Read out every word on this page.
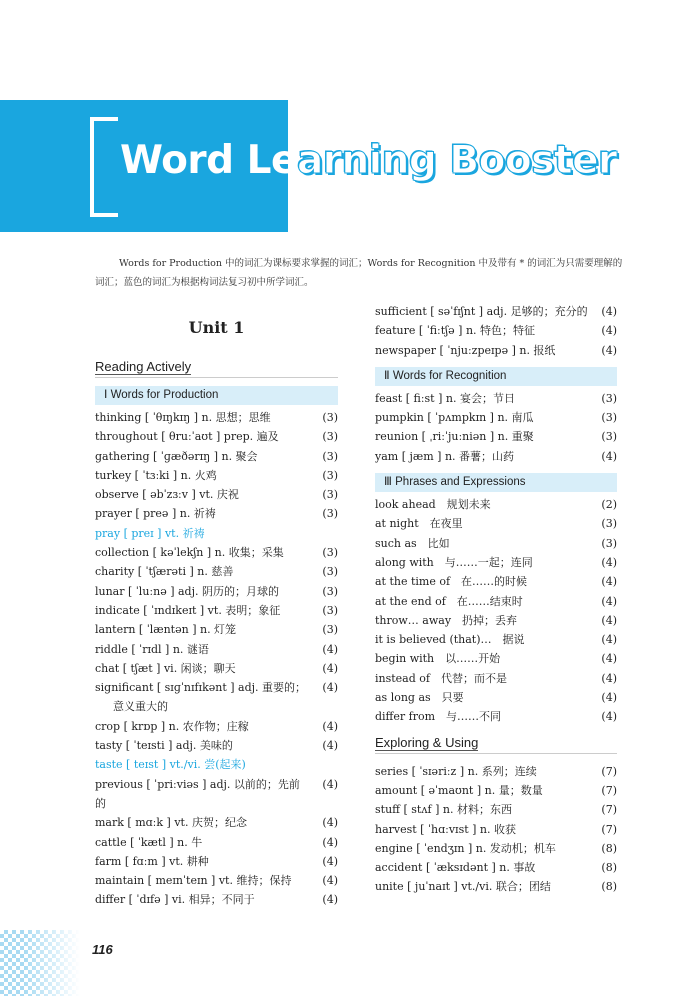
Word Learning Booster

Words for Production 中的词汇为课标要求掌握的词汇；Words for Recognition 中及带有 * 的词汇为只需要理解的词汇；蓝色的词汇为根据构词法复习初中所学词汇。

Unit 1
Reading Actively
Ⅰ Words for Production
thinking [ ˈθɪŋkɪŋ ] n. 思想；思维	(3)
throughout [ θruːˈaʊt ] prep. 遍及	(3)
gathering [ ˈɡæðərɪŋ ] n. 聚会	(3)
turkey [ ˈtɜːki ] n. 火鸡	(3)
observe [ əbˈzɜːv ] vt. 庆祝	(3)
prayer [ preə ] n. 祈祷	(3)
pray [ preɪ ] vt. 祈祷
collection [ kəˈlekʃn ] n. 收集；采集	(3)
charity [ ˈtʃærəti ] n. 慈善	(3)
lunar [ ˈluːnə ] adj. 阴历的；月球的	(3)
indicate [ ˈɪndɪkeɪt ] vt. 表明；象征	(3)
lantern [ ˈlæntən ] n. 灯笼	(3)
riddle [ ˈrɪdl ] n. 谜语	(4)
chat [ tʃæt ] vi. 闲谈；聊天	(4)
significant [ sɪɡˈnɪfɪkənt ] adj. 重要的；意义重大的
(4)
crop [ krɒp ] n. 农作物；庄稼	(4)
tasty [ ˈteɪsti ] adj. 美味的	(4)
taste [ teɪst ] vt./vi. 尝(起来)
previous [ ˈpriːviəs ] adj. 以前的；先前的
(4)
mark [ mɑːk ] vt. 庆贺；纪念	(4)
cattle [ ˈkætl ] n. 牛	(4)
farm [ fɑːm ] vt. 耕种	(4)
maintain [ meɪnˈteɪn ] vt. 维持；保持	(4)
differ [ ˈdɪfə ] vi. 相异；不同于	(4)
sufficient [ səˈfɪʃnt ] adj. 足够的；充分的	(4)
feature [ ˈfiːtʃə ] n. 特色；特征	(4)
newspaper [ ˈnjuːzpeɪpə ] n. 报纸	(4)
Ⅱ Words for Recognition
feast [ fiːst ] n. 宴会；节日	(3)
pumpkin [ ˈpʌmpkɪn ] n. 南瓜	(3)
reunion [ ˌriːˈjuːniən ] n. 重聚	(3)
yam [ jæm ] n. 番薯；山药	(4)
Ⅲ Phrases and Expressions
look ahead　规划未来	(2)
at night　在夜里	(3)
such as　比如	(3)
along with　与……一起；连同	(4)
at the time of　在……的时候	(4)
at the end of　在……结束时	(4)
throw… away　扔掉；丢弃	(4)
it is believed (that)…　据说	(4)
begin with　以……开始	(4)
instead of　代替；而不是	(4)
as long as　只要	(4)
differ from　与……不同	(4)
Exploring & Using
series [ ˈsɪəriːz ] n. 系列；连续	(7)
amount [ əˈmaʊnt ] n. 量；数量	(7)
stuff [ stʌf ] n. 材料；东西	(7)
harvest [ ˈhɑːvɪst ] n. 收获	(7)
engine [ ˈendʒɪn ] n. 发动机；机车	(8)
accident [ ˈæksɪdənt ] n. 事故	(8)
unite [ juˈnaɪt ] vt./vi. 联合；团结	(8)
116
